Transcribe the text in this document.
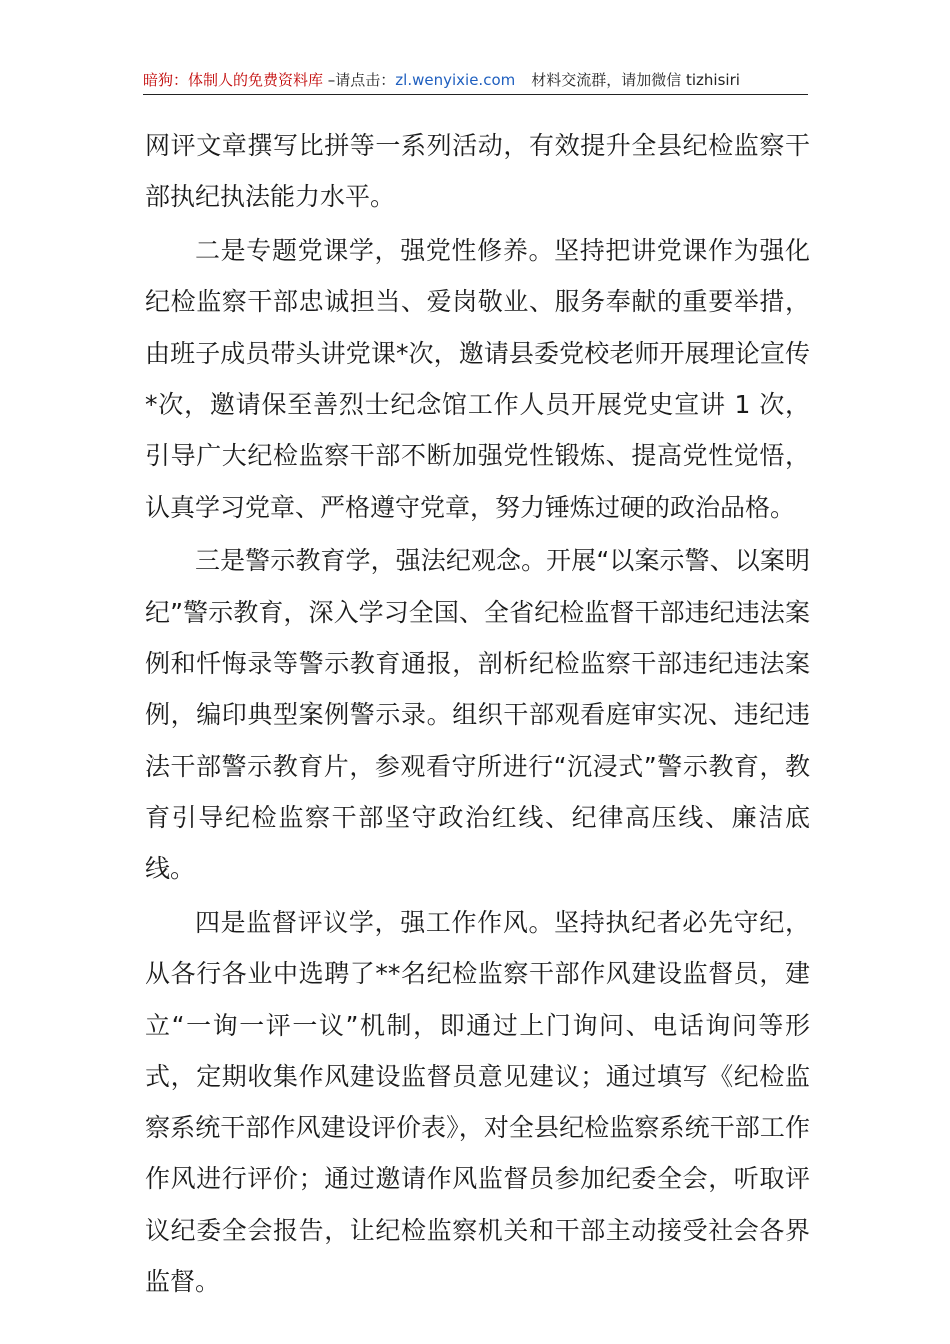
暗狗：体制人的免费资料库 –请点击：zl.wenyixie.com 材料交流群，请加微信 tizhisiri

网评文章撰写比拼等一系列活动，有效提升全县纪检监察干部执纪执法能力水平。

二是专题党课学，强党性修养。坚持把讲党课作为强化纪检监察干部忠诚担当、爱岗敬业、服务奉献的重要举措，由班子成员带头讲党课*次，邀请县委党校老师开展理论宣传*次，邀请保至善烈士纪念馆工作人员开展党史宣讲 1 次，引导广大纪检监察干部不断加强党性锻炼、提高党性觉悟，认真学习党章、严格遵守党章，努力锤炼过硬的政治品格。

三是警示教育学，强法纪观念。开展“以案示警、以案明纪”警示教育，深入学习全国、全省纪检监督干部违纪违法案例和忏悔录等警示教育通报，剖析纪检监察干部违纪违法案例，编印典型案例警示录。组织干部观看庭审实况、违纪违法干部警示教育片，参观看守所进行“沉浸式”警示教育，教育引导纪检监察干部坚守政治红线、纪律高压线、廉洁底线。

四是监督评议学，强工作作风。坚持执纪者必先守纪，从各行各业中选聘了**名纪检监察干部作风建设监督员，建立“一询一评一议”机制，即通过上门询问、电话询问等形式，定期收集作风建设监督员意见建议；通过填写《纪检监察系统干部作风建设评价表》，对全县纪检监察系统干部工作作风进行评价；通过邀请作风监督员参加纪委全会，听取评议纪委全会报告，让纪检监察机关和干部主动接受社会各界监督。
